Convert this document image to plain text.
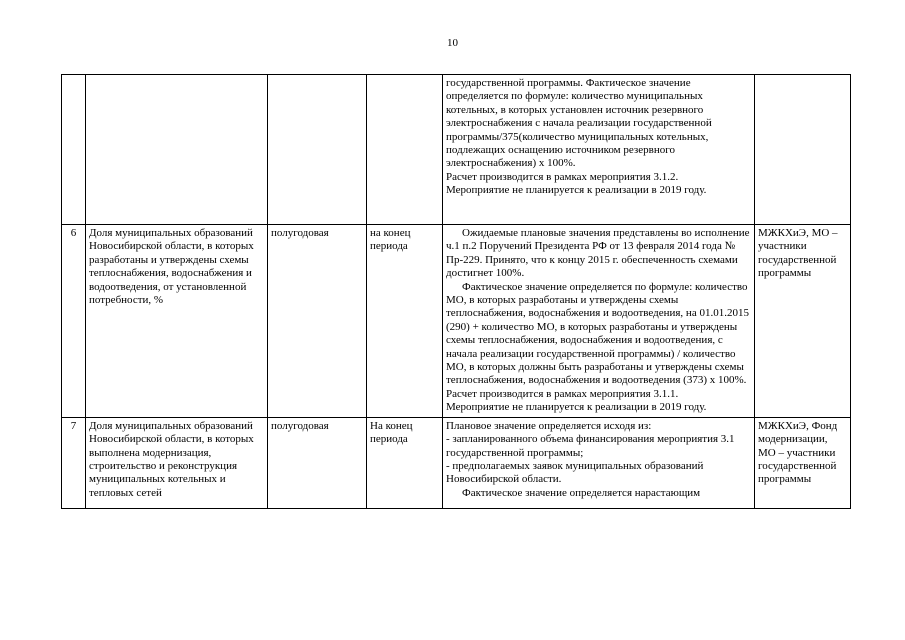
10

				государственной программы. Фактическое значение определяется по формуле: количество муниципальных котельных, в которых установлен источник резервного электроснабжения с начала реализации государственной программы/375(количество муниципальных котельных, подлежащих оснащению источником резервного электроснабжения) x 100%.

Расчет производится в рамках мероприятия 3.1.2.

Мероприятие не планируется к реализации в 2019 году.	

6	Доля муниципальных образований Новосибирской области, в которых разработаны и утверждены схемы теплоснабжения, водоснабжения и водоотведения, от установленной потребности, %	полугодовая	на конец периода	Ожидаемые плановые значения представлены во исполнение ч.1 п.2 Поручений Президента РФ от 13 февраля 2014 года № Пр-229. Принято, что к концу 2015 г. обеспеченность схемами достигнет 100%.

Фактическое значение определяется по формуле: количество МО, в которых разработаны и утверждены схемы теплоснабжения, водоснабжения и водоотведения, на 01.01.2015 (290) + количество МО, в которых разработаны и утверждены схемы теплоснабжения, водоснабжения и водоотведения, с начала реализации государственной программы) / количество МО, в которых должны быть разработаны и утверждены схемы теплоснабжения, водоснабжения и водоотведения (373) x 100%.

Расчет производится в рамках мероприятия 3.1.1.

Мероприятие не планируется к реализации в 2019 году.	МЖКХиЭ, МО – участники государственной программы
7	Доля муниципальных образований Новосибирской области, в которых выполнена модернизация, строительство и реконструкция муниципальных котельных и тепловых сетей	полугодовая	На конец периода	Плановое значение определяется исходя из:

- запланированного объема финансирования мероприятия 3.1 государственной программы;

- предполагаемых заявок муниципальных образований Новосибирской области.

Фактическое значение определяется нарастающим	МЖКХиЭ, Фонд модернизации, МО – участники государственной программы
